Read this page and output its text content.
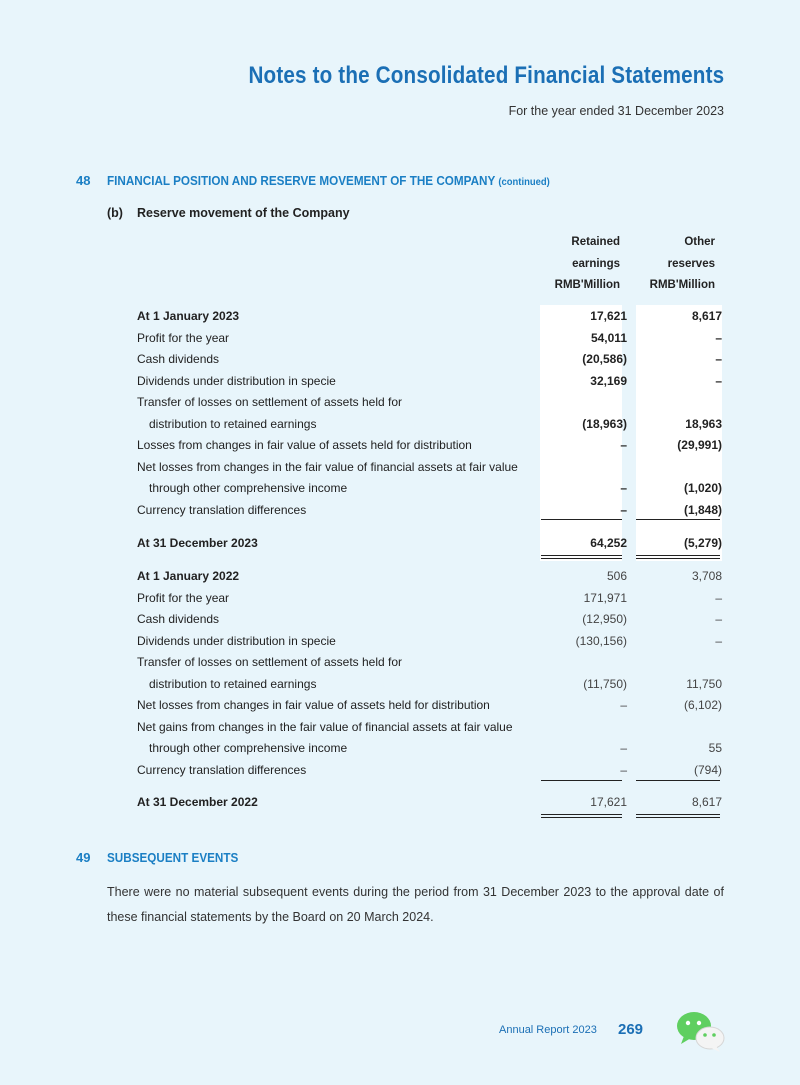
Notes to the Consolidated Financial Statements
For the year ended 31 December 2023
48 FINANCIAL POSITION AND RESERVE MOVEMENT OF THE COMPANY (continued)
(b) Reserve movement of the Company
Retained
earnings
RMB'Million
Other
reserves
RMB'Million
At 1 January 2023	17,621	8,617
Profit for the year	54,011	–
Cash dividends	(20,586)	–
Dividends under distribution in specie	32,169	–
Transfer of losses on settlement of assets held for
distribution to retained earnings	(18,963)	18,963
Losses from changes in fair value of assets held for distribution	–	(29,991)
Net losses from changes in the fair value of financial assets at fair value
through other comprehensive income	–	(1,020)
Currency translation differences	–	(1,848)
At 31 December 2023	64,252	(5,279)
At 1 January 2022	506	3,708
Profit for the year	171,971	–
Cash dividends	(12,950)	–
Dividends under distribution in specie	(130,156)	–
Transfer of losses on settlement of assets held for
distribution to retained earnings	(11,750)	11,750
Net losses from changes in fair value of assets held for distribution	–	(6,102)
Net gains from changes in the fair value of financial assets at fair value
through other comprehensive income	–	55
Currency translation differences	–	(794)
At 31 December 2022	17,621	8,617
49 SUBSEQUENT EVENTS
There were no material subsequent events during the period from 31 December 2023 to the approval date of these financial statements by the Board on 20 March 2024.
Annual Report 2023 269
